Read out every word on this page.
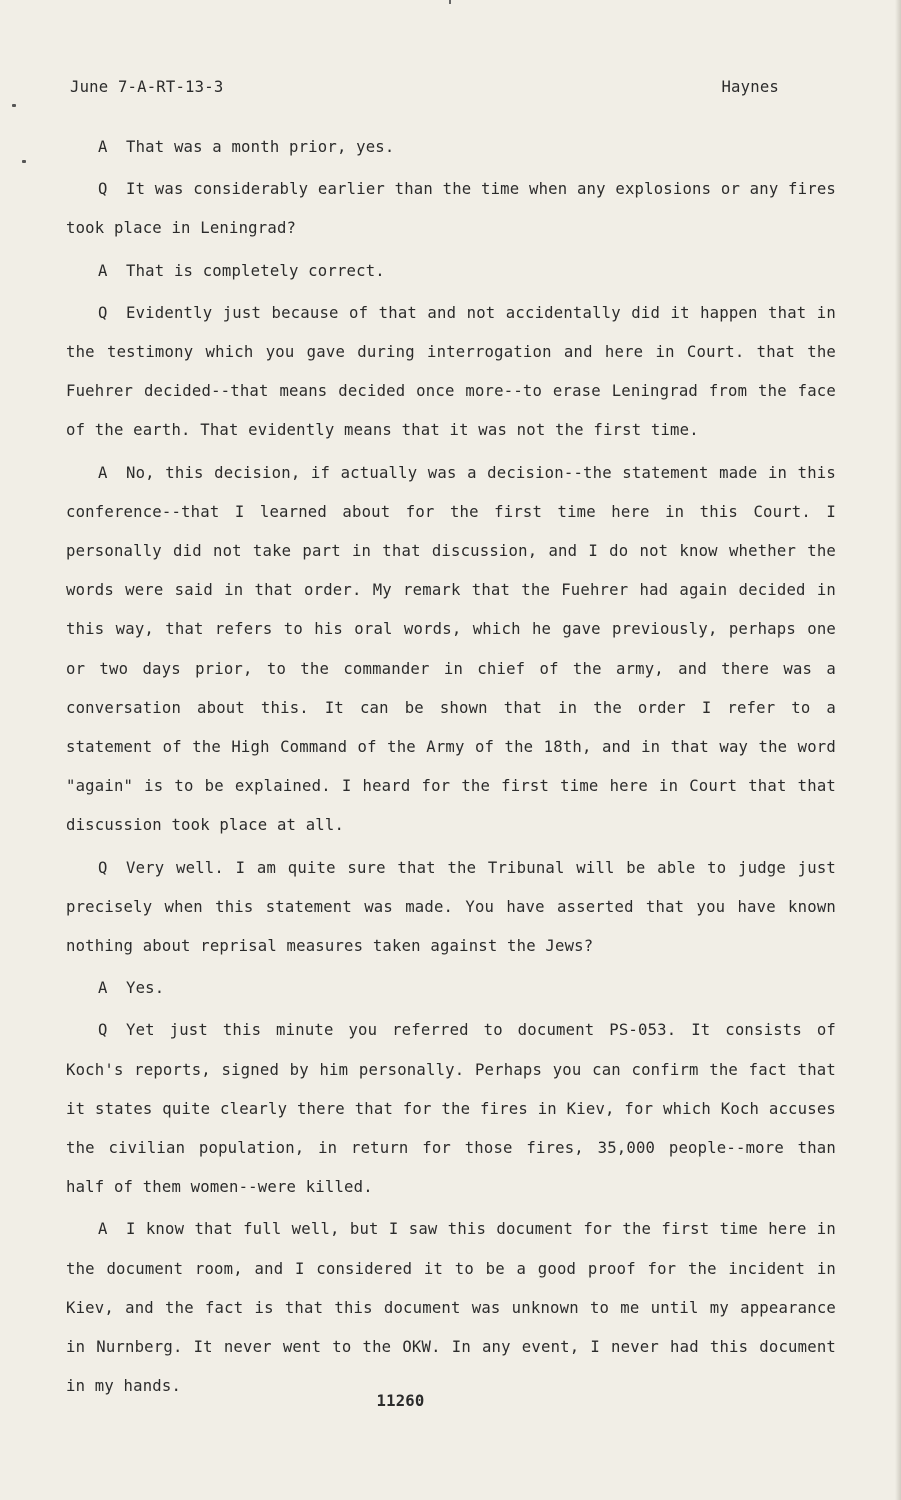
June 7-A-RT-13-3	Haynes

A That was a month prior, yes.

Q It was considerably earlier than the time when any explosions or any fires took place in Leningrad?

A That is completely correct.

Q Evidently just because of that and not accidentally did it happen that in the testimony which you gave during interrogation and here in Court. that the Fuehrer decided--that means decided once more--to erase Leningrad from the face of the earth. That evidently means that it was not the first time.

A No, this decision, if actually was a decision--the statement made in this conference--that I learned about for the first time here in this Court. I personally did not take part in that discussion, and I do not know whether the words were said in that order. My remark that the Fuehrer had again decided in this way, that refers to his oral words, which he gave previously, perhaps one or two days prior, to the commander in chief of the army, and there was a conversation about this. It can be shown that in the order I refer to a statement of the High Command of the Army of the 18th, and in that way the word "again" is to be explained. I heard for the first time here in Court that that discussion took place at all.

Q Very well. I am quite sure that the Tribunal will be able to judge just precisely when this statement was made. You have asserted that you have known nothing about reprisal measures taken against the Jews?

A Yes.

Q Yet just this minute you referred to document PS-053. It consists of Koch's reports, signed by him personally. Perhaps you can confirm the fact that it states quite clearly there that for the fires in Kiev, for which Koch accuses the civilian population, in return for those fires, 35,000 people--more than half of them women--were killed.

A I know that full well, but I saw this document for the first time here in the document room, and I considered it to be a good proof for the incident in Kiev, and the fact is that this document was unknown to me until my appearance in Nurnberg. It never went to the OKW. In any event, I never had this document in my hands.

11260
